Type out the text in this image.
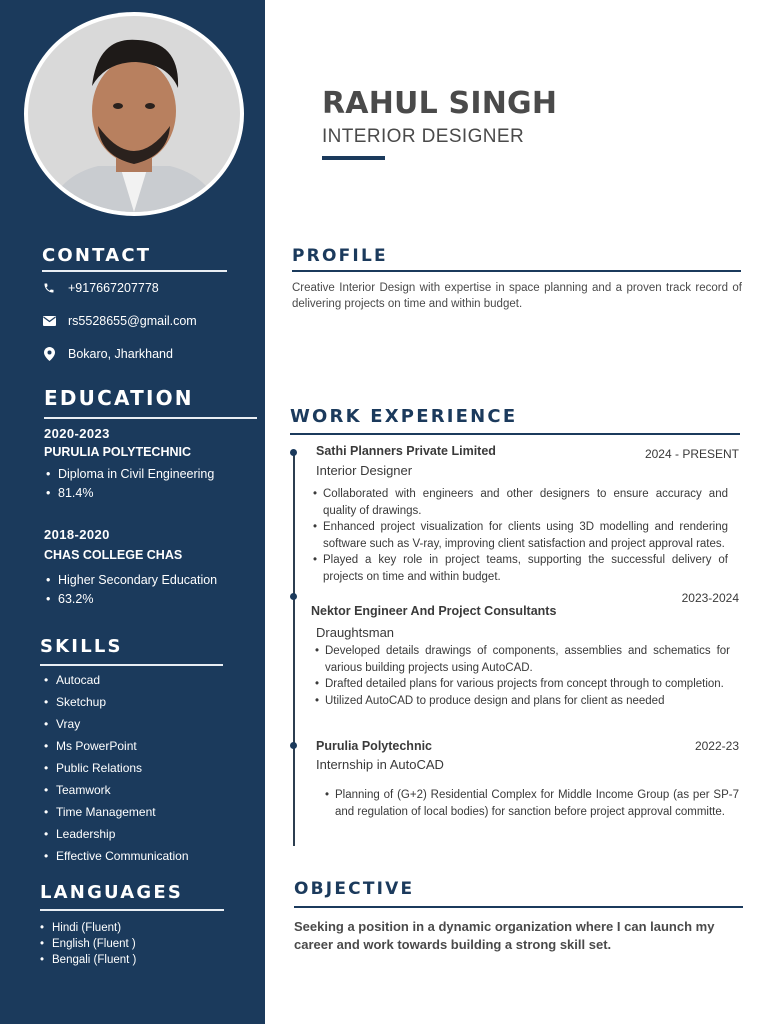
CONTACT
+917667207778
rs5528655@gmail.com
Bokaro, Jharkhand
EDUCATION
2020-2023
PURULIA POLYTECHNIC
• Diploma in Civil Engineering
• 81.4%
2018-2020
CHAS COLLEGE CHAS
• Higher Secondary Education
• 63.2%
SKILLS
• Autocad
• Sketchup
• Vray
• Ms PowerPoint
• Public Relations
• Teamwork
• Time Management
• Leadership
• Effective Communication
LANGUAGES
• Hindi (Fluent)
• English (Fluent )
• Bengali (Fluent )
RAHUL SINGH
INTERIOR DESIGNER
PROFILE
Creative Interior Design with expertise in space planning and a proven track record of delivering projects on time and within budget.
WORK EXPERIENCE
Sathi Planners Private Limited	2024 - PRESENT
Interior Designer
• Collaborated with engineers and other designers to ensure accuracy and quality of drawings.
• Enhanced project visualization for clients using 3D modelling and rendering software such as V-ray, improving client satisfaction and project approval rates.
• Played a key role in project teams, supporting the successful delivery of projects on time and within budget.
Nektor Engineer And Project Consultants
2023-2024
Draughtsman
• Developed details drawings of components, assemblies and schematics for various building projects using AutoCAD.
• Drafted detailed plans for various projects from concept through to completion.
• Utilized AutoCAD to produce design and plans for client as needed
Purulia Polytechnic	2022-23
Internship in AutoCAD
• Planning of (G+2) Residential Complex for Middle Income Group (as per SP-7 and regulation of local bodies) for sanction before project approval committe.
OBJECTIVE
Seeking a position in a dynamic organization where I can launch my career and work towards building a strong skill set.
